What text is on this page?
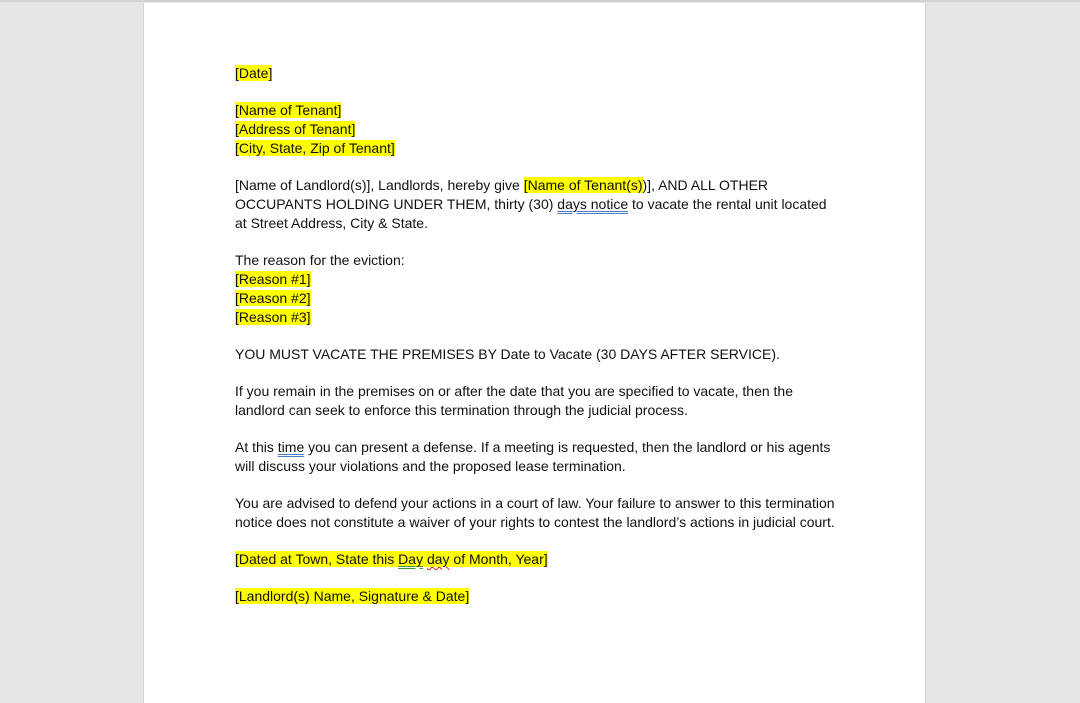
[Date]

[Name of Tenant]

[Address of Tenant]

[City, State, Zip of Tenant]

[Name of Landlord(s)], Landlords, hereby give [Name of Tenant(s))], AND ALL OTHER OCCUPANTS HOLDING UNDER THEM, thirty (30) days notice to vacate the rental unit located at Street Address, City & State.

The reason for the eviction:

[Reason #1]

[Reason #2]

[Reason #3]

YOU MUST VACATE THE PREMISES BY Date to Vacate (30 DAYS AFTER SERVICE).

If you remain in the premises on or after the date that you are specified to vacate, then the landlord can seek to enforce this termination through the judicial process.

At this time you can present a defense. If a meeting is requested, then the landlord or his agents will discuss your violations and the proposed lease termination.

You are advised to defend your actions in a court of law. Your failure to answer to this termination notice does not constitute a waiver of your rights to contest the landlord’s actions in judicial court.

[Dated at Town, State this Day day of Month, Year]

[Landlord(s) Name, Signature & Date]
